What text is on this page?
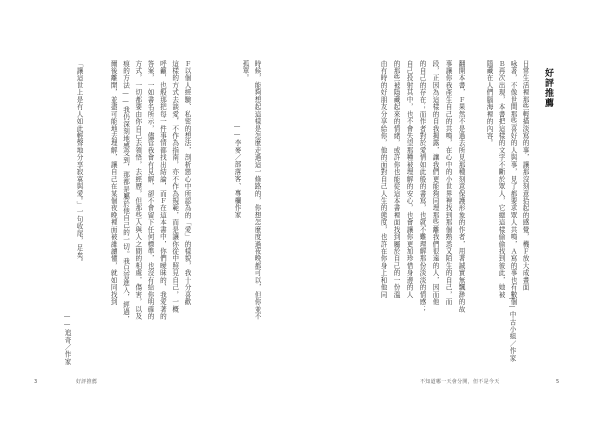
好評推薦
日常生活裡那些輕描淡寫的事，讓那沒刻意拾起的感覺，機Ｆ放大成畫面
咏著，不像世間那些喜好的人與事，見了都要求眾人共鳴，Ａ寫的事也有數個
Ｂ再次出現，本書把這樣的文字不斷於眾人，它總這樣偷偷找到彼此，她被
隱藏在人們腦海裡的內容。
——中古小組／作家
翻開本書，Ｆ果然不是過去所見那種刻意保護形象的作者，用著誠實無飄渺的故
事讓你我產生自己的共鳴，在心中的小世界裡找到那個熟悉又陌生的自己，而
段，正因為這樣的自我揭露，讓我們更能夠同理那些離我們很遠的人，因而他
的自己的存在；而作者對於愛情如此般的書寫，也就不難理解那份淡淡的情感；
自己投射其中，也不會失望那種被理解的安心，也會讓你更加珍惜身邊的人
的那些被隱藏起來的情緒，或許你也能從這本書裡面找到屬於自己的一份溫
由有時的好朋友分享給你，他的面對自己人生的態度，也許在你身上和他同
不知道哪一天會分開，但不是今天	5
時候，能夠想起這樣是怎麼走過這一條路的，你想怎麼度過夜晚都可以，但你並不
孤單。
——李麥／部落客、專欄作家
Ｆ以個人經驗、私密的想法，剖析戀心中所認為的「愛」的樣貌，我十分喜歡
這樣的方式去談愛，不作為指南，亦不作為規範，而是讓你從中照見自己，一概
呼籲，也般那把每一件事情都找出結論，而Ｆ在這本書中，你們曖昧的、我愛著的
答案，一如書名所示，儘管我會有見解，卻不會留下任何標準，也沒有給你明確的
方式，一切都要由你自己去領悟，去經歷，但那些人與人之間的相處，傷害，以及
痕的方法——我仍深刻地感受到，那都是屬於他自己的一切。我只管進入，經過，
爾後離開，並盡可能地去理解，讓自己在某個夜晚裡面被誰讀懂，就如同找到
「讓這世上是有人如此輕聲地分享寂寞與愛。」一句收尾，足矣。
——追奇／作家
3	好評推薦
